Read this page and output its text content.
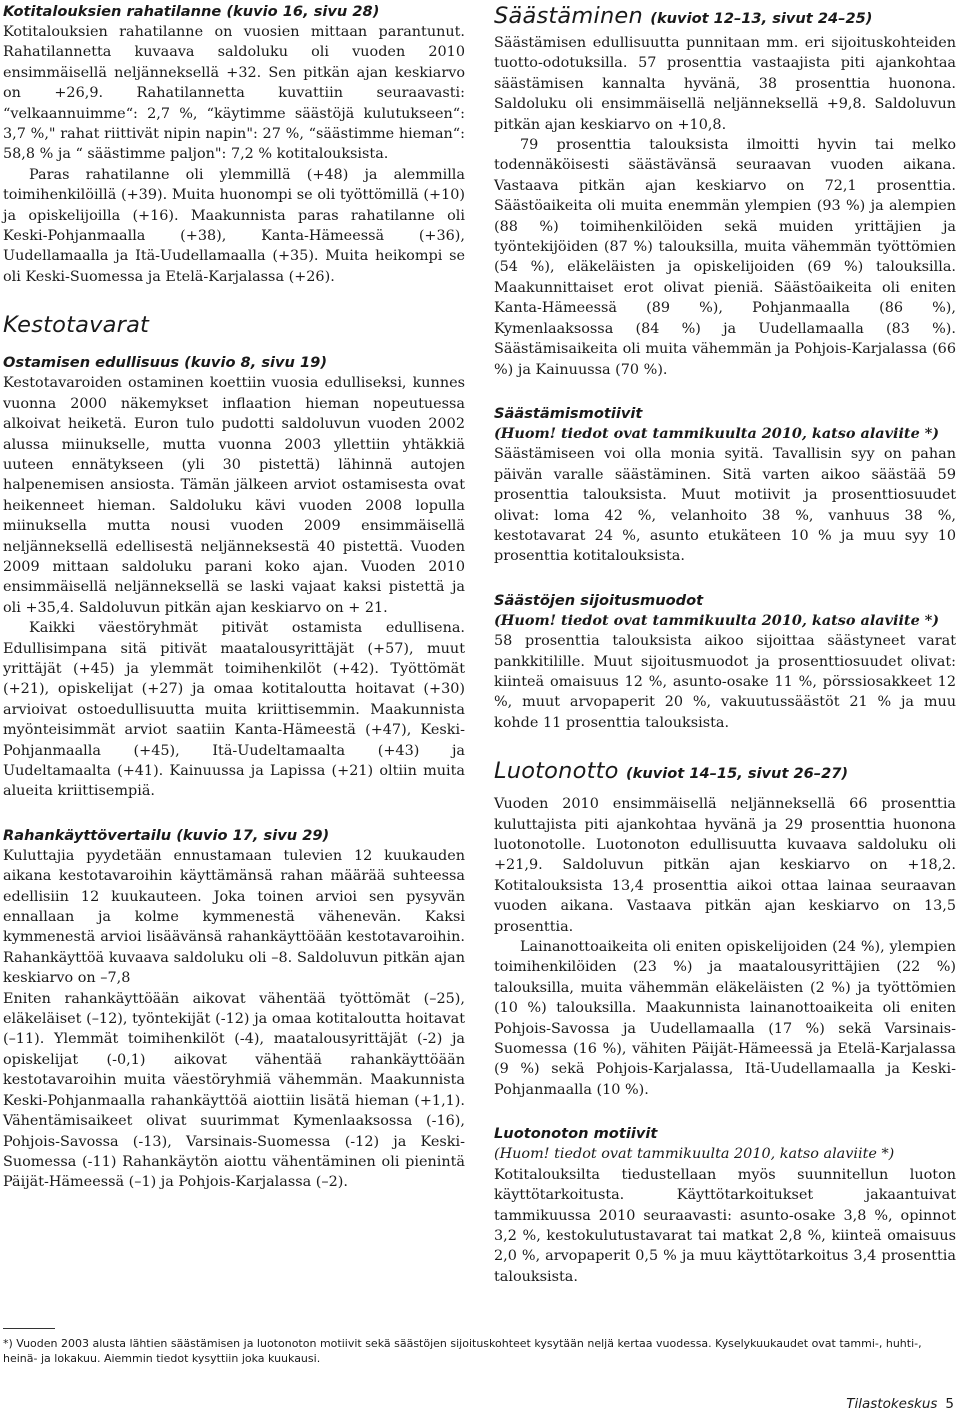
Kotitalouksien rahatilanne (kuvio 16, sivu 28)

Kotitalouksien rahatilanne on vuosien mittaan parantunut. Rahatilannetta kuvaava saldoluku oli vuoden 2010 ensimmäisellä neljänneksellä +32. Sen pitkän ajan keskiarvo on +26,9. Rahatilannetta kuvattiin seuraavasti: “velkaannuimme“: 2,7 %, “käytimme säästöjä kulutukseen“: 3,7 %," rahat riittivät nipin napin": 27 %, “säästimme hieman“: 58,8 % ja “ säästimme paljon": 7,2 % kotitalouksista.

Paras rahatilanne oli ylemmillä (+48) ja alemmilla toimihenkilöillä (+39). Muita huonompi se oli työttömillä (+10) ja opiskelijoilla (+16). Maakunnista paras rahatilanne oli Keski-Pohjanmaalla (+38), Kanta-Hämeessä (+36), Uudellamaalla ja Itä-Uudellamaalla (+35). Muita heikompi se oli Keski-Suomessa ja Etelä-Karjalassa (+26).

Kestotavarat
Ostamisen edullisuus (kuvio 8, sivu 19)

Kestotavaroiden ostaminen koettiin vuosia edulliseksi, kunnes vuonna 2000 näkemykset inflaation hieman nopeutuessa alkoivat heiketä. Euron tulo pudotti saldoluvun vuoden 2002 alussa miinukselle, mutta vuonna 2003 yllettiin yhtäkkiä uuteen ennätykseen (yli 30 pistettä) lähinnä autojen halpenemisen ansiosta. Tämän jälkeen arviot ostamisesta ovat heikenneet hieman. Saldoluku kävi vuoden 2008 lopulla miinuksella mutta nousi vuoden 2009 ensimmäisellä neljänneksellä edellisestä neljänneksestä 40 pistettä. Vuoden 2009 mittaan saldoluku parani koko ajan. Vuoden 2010 ensimmäisellä neljänneksellä se laski vajaat kaksi pistettä ja oli +35,4. Saldoluvun pitkän ajan keskiarvo on + 21.

Kaikki väestöryhmät pitivät ostamista edullisena. Edullisimpana sitä pitivät maatalousyrittäjät (+57), muut yrittäjät (+45) ja ylemmät toimihenkilöt (+42). Työttömät (+21), opiskelijat (+27) ja omaa kotitaloutta hoitavat (+30) arvioivat ostoedullisuutta muita kriittisemmin. Maakunnista myönteisimmät arviot saatiin Kanta-Hämeestä (+47), Keski-Pohjanmaalla (+45), Itä-Uudeltamaalta (+43) ja Uudeltamaalta (+41). Kainuussa ja Lapissa (+21) oltiin muita alueita kriittisempiä.

Rahankäyttövertailu (kuvio 17, sivu 29)

Kuluttajia pyydetään ennustamaan tulevien 12 kuukauden aikana kestotavaroihin käyttämänsä rahan määrää suhteessa edellisiin 12 kuukauteen. Joka toinen arvioi sen pysyvän ennallaan ja kolme kymmenestä vähenevän. Kaksi kymmenestä arvioi lisäävänsä rahankäyttöään kestotavaroihin. Rahankäyttöä kuvaava saldoluku oli –8. Saldoluvun pitkän ajan keskiarvo on –7,8

Eniten rahankäyttöään aikovat vähentää työttömät (–25), eläkeläiset (–12), työntekijät (-12) ja omaa kotitaloutta hoitavat (–11). Ylemmät toimihenkilöt (-4), maatalousyrittäjät (-2) ja opiskelijat (-0,1) aikovat vähentää rahankäyttöään kestotavaroihin muita väestöryhmiä vähemmän. Maakunnista Keski-Pohjanmaalla rahankäyttöä aiottiin lisätä hieman (+1,1). Vähentämisaikeet olivat suurimmat Kymenlaaksossa (-16), Pohjois-Savossa (-13), Varsinais-Suomessa (-12) ja Keski-Suomessa (-11) Rahankäytön aiottu vähentäminen oli pienintä Päijät-Hämeessä (–1) ja Pohjois-Karjalassa (–2).

Säästäminen (kuviot 12–13, sivut 24–25)

Säästämisen edullisuutta punnitaan mm. eri sijoituskohteiden tuotto-odotuksilla. 57 prosenttia vastaajista piti ajankohtaa säästämisen kannalta hyvänä, 38 prosenttia huonona. Saldoluku oli ensimmäisellä neljänneksellä +9,8. Saldoluvun pitkän ajan keskiarvo on +10,8.

79 prosenttia talouksista ilmoitti hyvin tai melko todennäköisesti säästävänsä seuraavan vuoden aikana. Vastaava pitkän ajan keskiarvo on 72,1 prosenttia. Säästöaikeita oli muita enemmän ylempien (93 %) ja alempien (88 %) toimihenkilöiden sekä muiden yrittäjien ja työntekijöiden (87 %) talouksilla, muita vähemmän työttömien (54 %), eläkeläisten ja opiskelijoiden (69 %) talouksilla. Maakunnittaiset erot olivat pieniä. Säästöaikeita oli eniten Kanta-Hämeessä (89 %), Pohjanmaalla (86 %), Kymenlaaksossa (84 %) ja Uudellamaalla (83 %). Säästämisaikeita oli muita vähemmän ja Pohjois-Karjalassa (66 %) ja Kainuussa (70 %).

Säästämismotiivit

(Huom! tiedot ovat tammikuulta 2010, katso alaviite *)

Säästämiseen voi olla monia syitä. Tavallisin syy on pahan päivän varalle säästäminen. Sitä varten aikoo säästää 59 prosenttia talouksista. Muut motiivit ja prosenttiosuudet olivat: loma 42 %, velanhoito 38 %, vanhuus 38 %, kestotavarat 24 %, asunto etukäteen 10 % ja muu syy 10 prosenttia kotitalouksista.

Säästöjen sijoitusmuodot

(Huom! tiedot ovat tammikuulta 2010, katso alaviite *)

58 prosenttia talouksista aikoo sijoittaa säästyneet varat pankkitilille. Muut sijoitusmuodot ja prosenttiosuudet olivat: kiinteä omaisuus 12 %, asunto-osake 11 %, pörssiosakkeet 12 %, muut arvopaperit 20 %, vakuutussäästöt 21 % ja muu kohde 11 prosenttia talouksista.

Luotonotto (kuviot 14–15, sivut 26–27)

Vuoden 2010 ensimmäisellä neljänneksellä 66 prosenttia kuluttajista piti ajankohtaa hyvänä ja 29 prosenttia huonona luotonotolle. Luotonoton edullisuutta kuvaava saldoluku oli +21,9. Saldoluvun pitkän ajan keskiarvo on +18,2. Kotitalouksista 13,4 prosenttia aikoi ottaa lainaa seuraavan vuoden aikana. Vastaava pitkän ajan keskiarvo on 13,5 prosenttia.

Lainanottoaikeita oli eniten opiskelijoiden (24 %), ylempien toimihenkilöiden (23 %) ja maatalousyrittäjien (22 %) talouksilla, muita vähemmän eläkeläisten (2 %) ja työttömien (10 %) talouksilla. Maakunnista lainanottoaikeita oli eniten Pohjois-Savossa ja Uudellamaalla (17 %) sekä Varsinais-Suomessa (16 %), vähiten Päijät-Hämeessä ja Etelä-Karjalassa (9 %) sekä Pohjois-Karjalassa, Itä-Uudellamaalla ja Keski-Pohjanmaalla (10 %).

Luotonoton motiivit

(Huom! tiedot ovat tammikuulta 2010, katso alaviite *)

Kotitalouksilta tiedustellaan myös suunnitellun luoton käyttötarkoitusta. Käyttötarkoitukset jakaantuivat tammikuussa 2010 seuraavasti: asunto-osake 3,8 %, opinnot 3,2 %, kestokulutustavarat tai matkat 2,8 %, kiinteä omaisuus 2,0 %, arvopaperit 0,5 % ja muu käyttötarkoitus 3,4 prosenttia talouksista.

*) Vuoden 2003 alusta lähtien säästämisen ja luotonoton motiivit sekä säästöjen sijoituskohteet kysytään neljä kertaa vuodessa. Kyselykuukaudet ovat tammi-, huhti-, heinä- ja lokakuu. Aiemmin tiedot kysyttiin joka kuukausi.
Tilastokeskus 5
